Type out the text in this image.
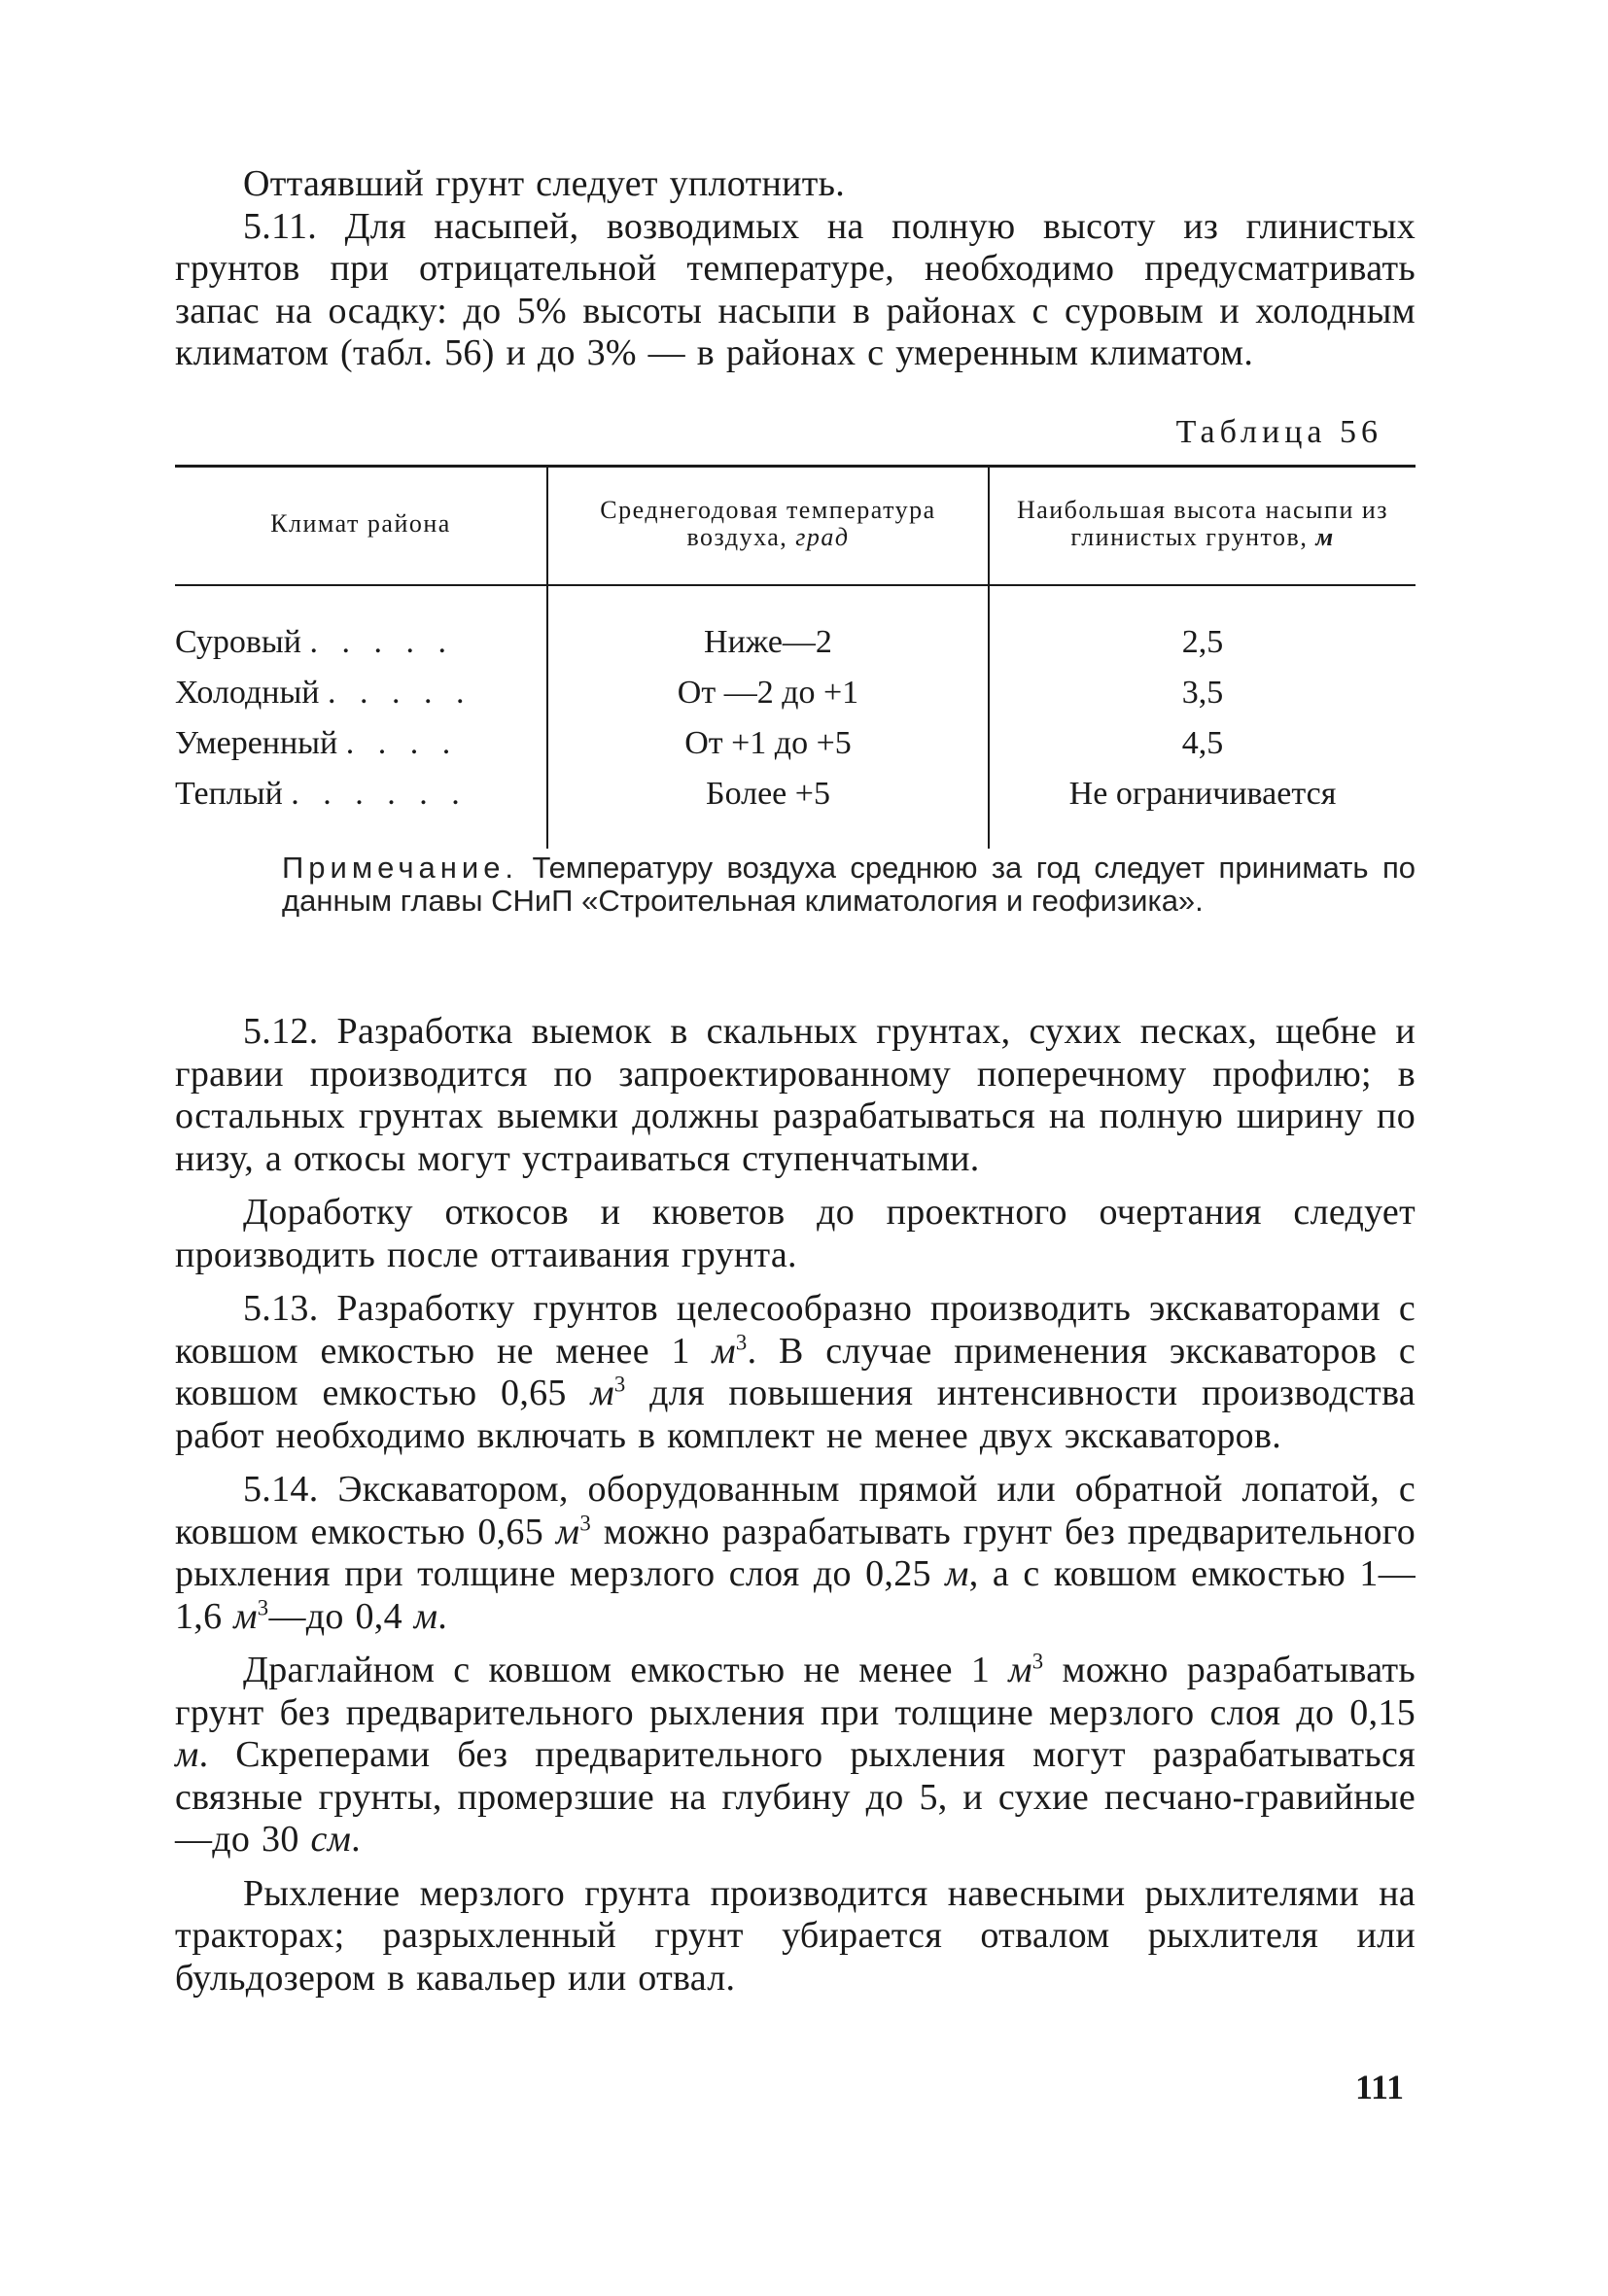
Оттаявший грунт следует уплотнить.

5.11. Для насыпей, возводимых на полную высоту из глинистых грунтов при отрицательной температуре, необходимо предусматривать запас на осадку: до 5% высоты насыпи в районах с суровым и холодным климатом (табл. 56) и до 3% — в районах с умеренным климатом.

Таблица 56

Климат района	Среднегодовая температура воздуха, град	Наибольшая высота насыпи из глинистых грунтов, м
Суровый . . . . .	Ниже—2	2,5
Холодный . . . . .	От —2 до +1	3,5
Умеренный . . . .	От +1 до +5	4,5
Теплый . . . . . .	Более +5	Не ограничивается

Примечание. Температуру воздуха среднюю за год следует принимать по данным главы СНиП «Строительная климатология и геофизика».

5.12. Разработка выемок в скальных грунтах, сухих песках, щебне и гравии производится по запроектированному поперечному профилю; в остальных грунтах выемки должны разрабатываться на полную ширину по низу, а откосы могут устраиваться ступенчатыми.

Доработку откосов и кюветов до проектного очертания следует производить после оттаивания грунта.

5.13. Разработку грунтов целесообразно производить экскаваторами с ковшом емкостью не менее 1 $м^3$. В случае применения экскаваторов с ковшом емкостью 0,65 $м^3$ для повышения интенсивности производства работ необходимо включать в комплект не менее двух экскаваторов.

5.14. Экскаватором, оборудованным прямой или обратной лопатой, с ковшом емкостью 0,65 $м^3$ можно разрабатывать грунт без предварительного рыхления при толщине мерзлого слоя до 0,25 м, а с ковшом емкостью 1—1,6 $м^3—до$ 0,4 м.

Драглайном с ковшом емкостью не менее 1 $м^3$ можно разрабатывать грунт без предварительного рыхления при толщине мерзлого слоя до 0,15 м. Скреперами без предварительного рыхления могут разрабатываться связные грунты, промерзшие на глубину до 5, и сухие песчано-гравийные—до 30 см.

Рыхление мерзлого грунта производится навесными рыхлителями на тракторах; разрыхленный грунт убирается отвалом рыхлителя или бульдозером в кавальер или отвал.

111
